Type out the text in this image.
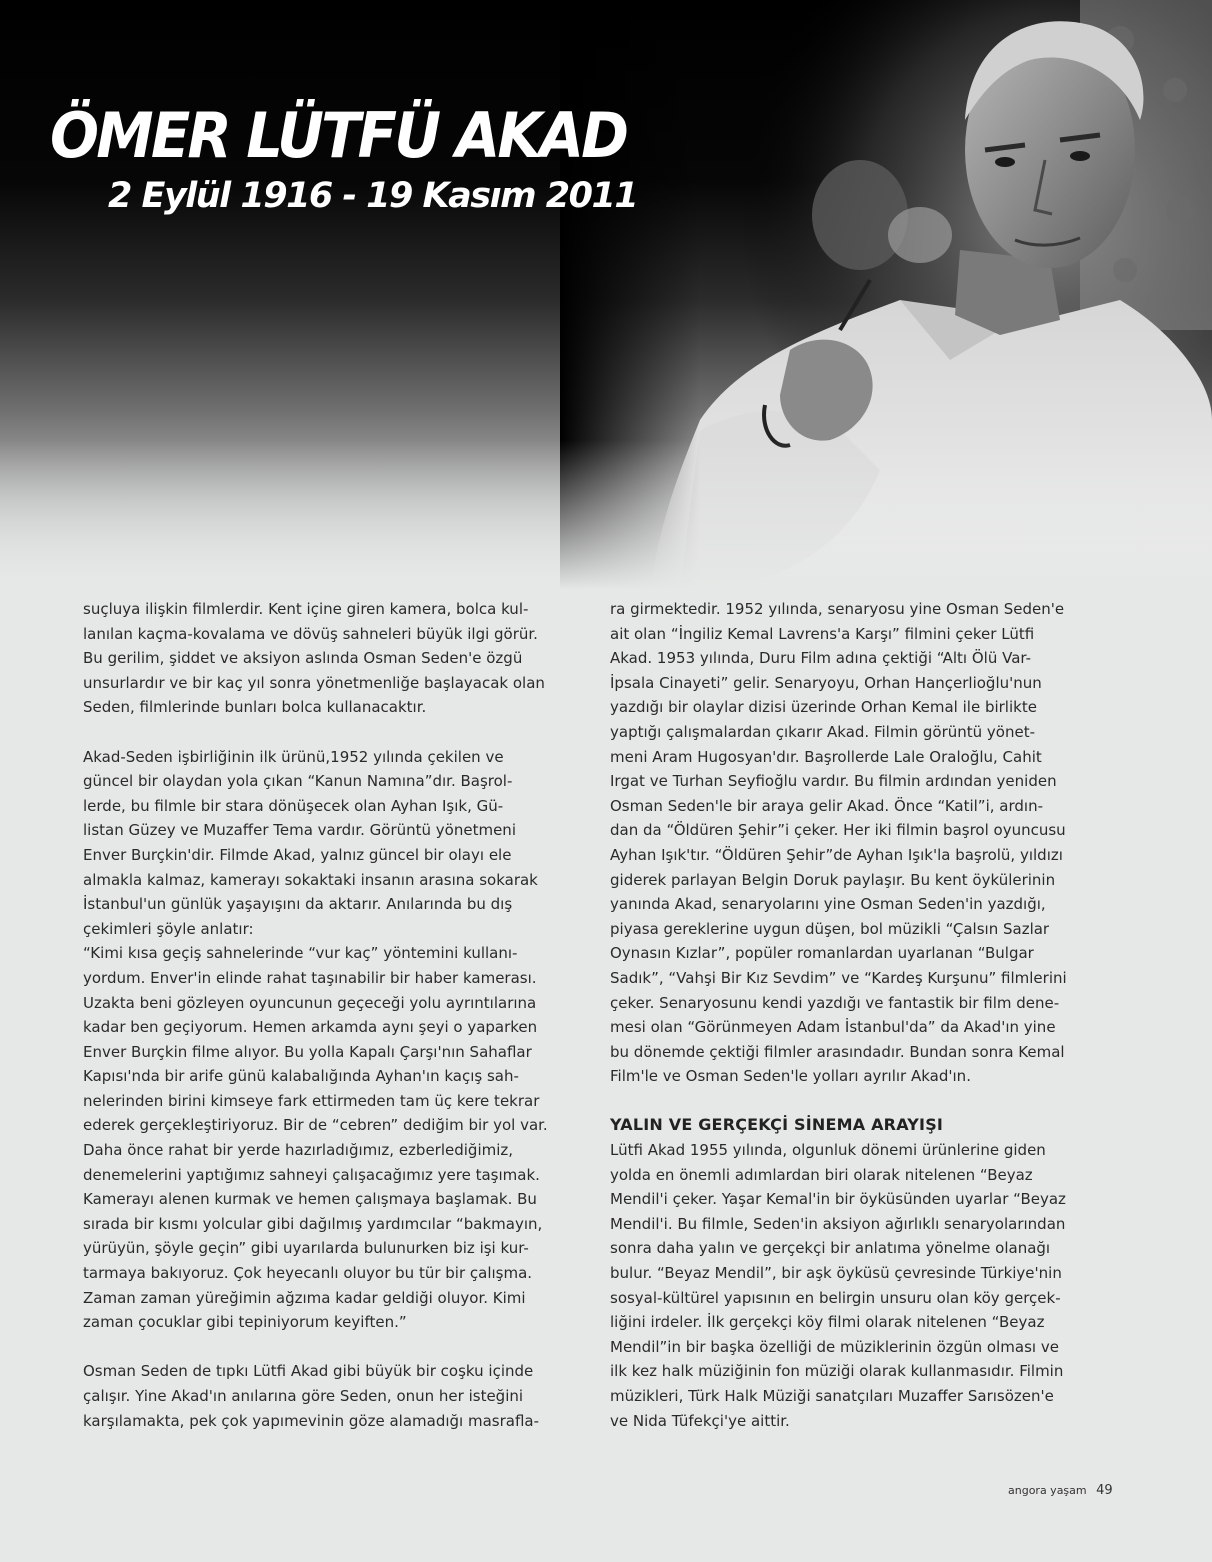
ÖMER LÜTFÜ AKAD
2 Eylül 1916 - 19 Kasım 2011

suçluya ilişkin filmlerdir. Kent içine giren kamera, bolca kul-
lanılan kaçma-kovalama ve dövüş sahneleri büyük ilgi görür.
Bu gerilim, şiddet ve aksiyon aslında Osman Seden'e özgü
unsurlardır ve bir kaç yıl sonra yönetmenliğe başlayacak olan
Seden, filmlerinde bunları bolca kullanacaktır.

Akad-Seden işbirliğinin ilk ürünü,1952 yılında çekilen ve
güncel bir olaydan yola çıkan “Kanun Namına”dır. Başrol-
lerde, bu filmle bir stara dönüşecek olan Ayhan Işık, Gü-
listan Güzey ve Muzaffer Tema vardır. Görüntü yönetmeni
Enver Burçkin'dir. Filmde Akad, yalnız güncel bir olayı ele
almakla kalmaz, kamerayı sokaktaki insanın arasına sokarak
İstanbul'un günlük yaşayışını da aktarır. Anılarında bu dış
çekimleri şöyle anlatır:
“Kimi kısa geçiş sahnelerinde “vur kaç” yöntemini kullanı-
yordum. Enver'in elinde rahat taşınabilir bir haber kamerası.
Uzakta beni gözleyen oyuncunun geçeceği yolu ayrıntılarına
kadar ben geçiyorum. Hemen arkamda aynı şeyi o yaparken
Enver Burçkin filme alıyor. Bu yolla Kapalı Çarşı'nın Sahaflar
Kapısı'nda bir arife günü kalabalığında Ayhan'ın kaçış sah-
nelerinden birini kimseye fark ettirmeden tam üç kere tekrar
ederek gerçekleştiriyoruz. Bir de “cebren” dediğim bir yol var.
Daha önce rahat bir yerde hazırladığımız, ezberlediğimiz,
denemelerini yaptığımız sahneyi çalışacağımız yere taşımak.
Kamerayı alenen kurmak ve hemen çalışmaya başlamak. Bu
sırada bir kısmı yolcular gibi dağılmış yardımcılar “bakmayın,
yürüyün, şöyle geçin” gibi uyarılarda bulunurken biz işi kur-
tarmaya bakıyoruz. Çok heyecanlı oluyor bu tür bir çalışma.
Zaman zaman yüreğimin ağzıma kadar geldiği oluyor. Kimi
zaman çocuklar gibi tepiniyorum keyiften.”

Osman Seden de tıpkı Lütfi Akad gibi büyük bir coşku içinde
çalışır. Yine Akad'ın anılarına göre Seden, onun her isteğini
karşılamakta, pek çok yapımevinin göze alamadığı masrafla-

ra girmektedir. 1952 yılında, senaryosu yine Osman Seden'e
ait olan “İngiliz Kemal Lavrens'a Karşı” filmini çeker Lütfi
Akad. 1953 yılında, Duru Film adına çektiği “Altı Ölü Var-
İpsala Cinayeti” gelir. Senaryoyu, Orhan Hançerlioğlu'nun
yazdığı bir olaylar dizisi üzerinde Orhan Kemal ile birlikte
yaptığı çalışmalardan çıkarır Akad. Filmin görüntü yönet-
meni Aram Hugosyan'dır. Başrollerde Lale Oraloğlu, Cahit
Irgat ve Turhan Seyfioğlu vardır. Bu filmin ardından yeniden
Osman Seden'le bir araya gelir Akad. Önce “Katil”i, ardın-
dan da “Öldüren Şehir”i çeker. Her iki filmin başrol oyuncusu
Ayhan Işık'tır. “Öldüren Şehir”de Ayhan Işık'la başrolü, yıldızı
giderek parlayan Belgin Doruk paylaşır. Bu kent öykülerinin
yanında Akad, senaryolarını yine Osman Seden'in yazdığı,
piyasa gereklerine uygun düşen, bol müzikli “Çalsın Sazlar
Oynasın Kızlar”, popüler romanlardan uyarlanan “Bulgar
Sadık”, “Vahşi Bir Kız Sevdim” ve “Kardeş Kurşunu” filmlerini
çeker. Senaryosunu kendi yazdığı ve fantastik bir film dene-
mesi olan “Görünmeyen Adam İstanbul'da” da Akad'ın yine
bu dönemde çektiği filmler arasındadır. Bundan sonra Kemal
Film'le ve Osman Seden'le yolları ayrılır Akad'ın.

YALIN VE GERÇEKÇİ SİNEMA ARAYIŞI

Lütfi Akad 1955 yılında, olgunluk dönemi ürünlerine giden
yolda en önemli adımlardan biri olarak nitelenen “Beyaz
Mendil'i çeker. Yaşar Kemal'in bir öyküsünden uyarlar “Beyaz
Mendil'i. Bu filmle, Seden'in aksiyon ağırlıklı senaryolarından
sonra daha yalın ve gerçekçi bir anlatıma yönelme olanağı
bulur. “Beyaz Mendil”, bir aşk öyküsü çevresinde Türkiye'nin
sosyal-kültürel yapısının en belirgin unsuru olan köy gerçek-
liğini irdeler. İlk gerçekçi köy filmi olarak nitelenen “Beyaz
Mendil”in bir başka özelliği de müziklerinin özgün olması ve
ilk kez halk müziğinin fon müziği olarak kullanmasıdır. Filmin
müzikleri, Türk Halk Müziği sanatçıları Muzaffer Sarısözen'e
ve Nida Tüfekçi'ye aittir.

angora yaşam 49
